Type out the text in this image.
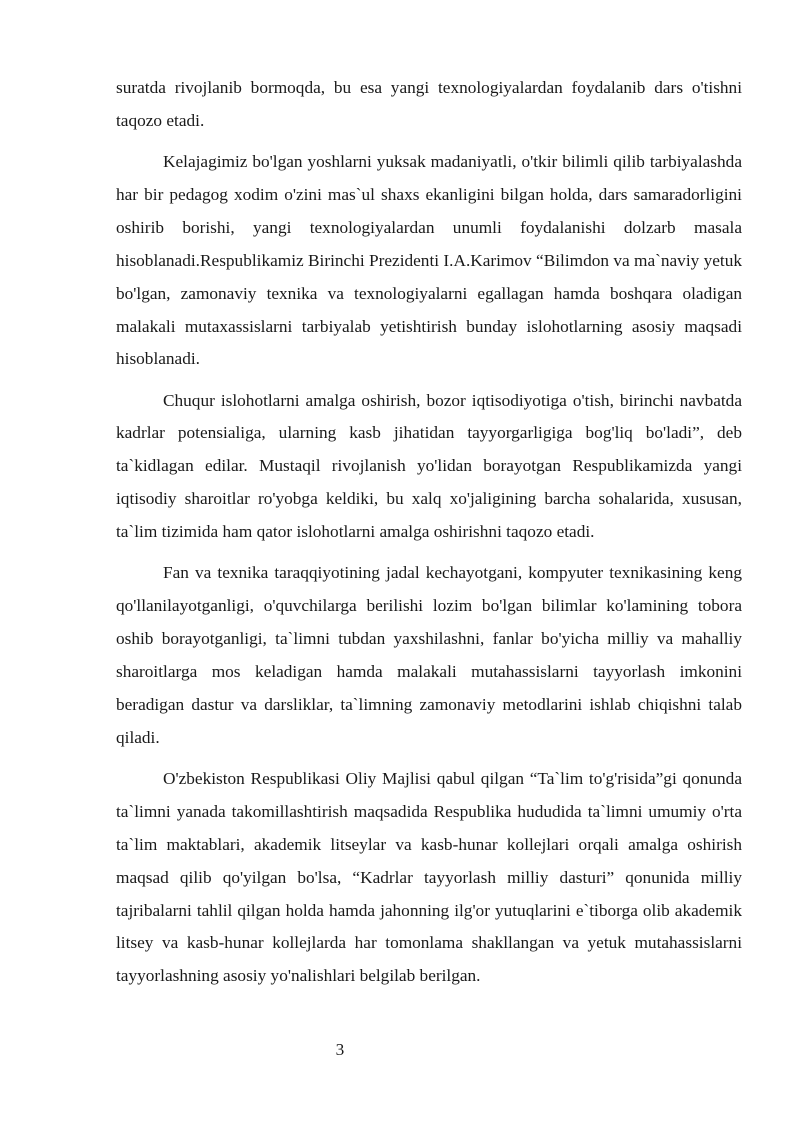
suratda rivojlanib bormoqda, bu esa yangi texnologiyalardan foydalanib dars o'tishni taqozo etadi.

Kelajagimiz bo'lgan yoshlarni yuksak madaniyatli, o'tkir bilimli qilib tarbiyalashda har bir pedagog xodim o'zini mas`ul shaxs ekanligini bilgan holda, dars samaradorligini oshirib borishi, yangi texnologiyalardan unumli foydalanishi dolzarb masala hisoblanadi.Respublikamiz Birinchi Prezidenti I.A.Karimov “Bilimdon va ma`naviy yetuk bo'lgan, zamonaviy texnika va texnologiyalarni egallagan hamda boshqara oladigan malakali mutaxassislarni tarbiyalab yetishtirish bunday islohotlarning asosiy maqsadi hisoblanadi.

Chuqur islohotlarni amalga oshirish, bozor iqtisodiyotiga o'tish, birinchi navbatda kadrlar potensialiga, ularning kasb jihatidan tayyorgarligiga bog'liq bo'ladi”, deb ta`kidlagan edilar. Mustaqil rivojlanish yo'lidan borayotgan Respublikamizda yangi iqtisodiy sharoitlar ro'yobga keldiki, bu xalq xo'jaligining barcha sohalarida, xususan, ta`lim tizimida ham qator islohotlarni amalga oshirishni taqozo etadi.

Fan va texnika taraqqiyotining jadal kechayotgani, kompyuter texnikasining keng qo'llanilayotganligi, o'quvchilarga berilishi lozim bo'lgan bilimlar ko'lamining tobora oshib borayotganligi, ta`limni tubdan yaxshilashni, fanlar bo'yicha milliy va mahalliy sharoitlarga mos keladigan hamda malakali mutahassislarni tayyorlash imkonini beradigan dastur va darsliklar, ta`limning zamonaviy metodlarini ishlab chiqishni talab qiladi.

O'zbekiston Respublikasi Oliy Majlisi qabul qilgan “Ta`lim to'g'risida”gi qonunda ta`limni yanada takomillashtirish maqsadida Respublika hududida ta`limni umumiy o'rta ta`lim maktablari, akademik litseylar va kasb-hunar kollejlari orqali amalga oshirish maqsad qilib qo'yilgan bo'lsa, “Kadrlar tayyorlash milliy dasturi” qonunida milliy tajribalarni tahlil qilgan holda hamda jahonning ilg'or yutuqlarini e`tiborga olib akademik litsey va kasb-hunar kollejlarda har tomonlama shakllangan va yetuk mutahassislarni tayyorlashning asosiy yo'nalishlari belgilab berilgan.

3
